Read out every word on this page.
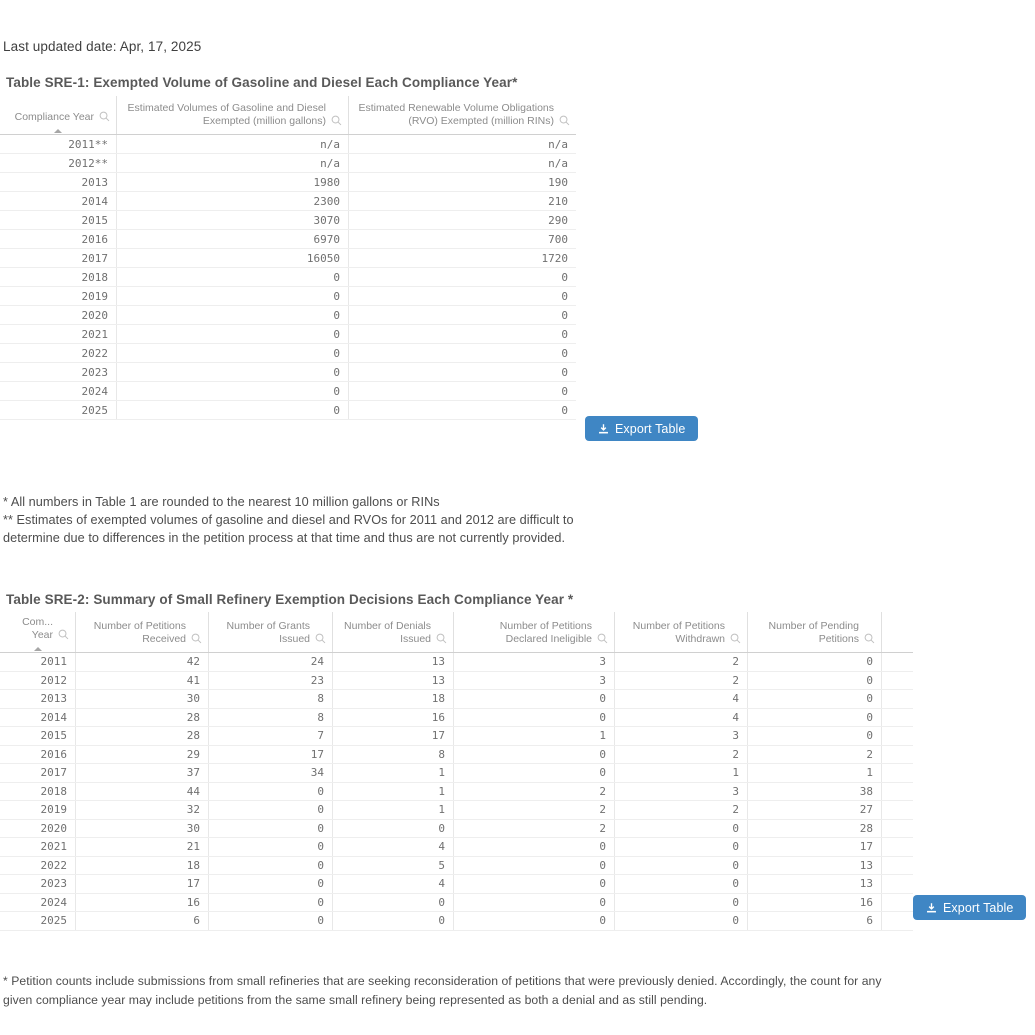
Last updated date: Apr, 17, 2025
Table SRE-1: Exempted Volume of Gasoline and Diesel Each Compliance Year*
Compliance Year	Estimated Volumes of Gasoline and Diesel Exempted (million gallons)	Estimated Renewable Volume Obligations (RVO) Exempted (million RINs)

2011**	n/a	n/a
2012**	n/a	n/a
2013	1980	190
2014	2300	210
2015	3070	290
2016	6970	700
2017	16050	1720
2018	0	0
2019	0	0
2020	0	0
2021	0	0
2022	0	0
2023	0	0
2024	0	0
2025	0	0
Export Table
* All numbers in Table 1 are rounded to the nearest 10 million gallons or RINs
** Estimates of exempted volumes of gasoline and diesel and RVOs for 2011 and 2012 are difficult to determine due to differences in the petition process at that time and thus are not currently provided.
Table SRE-2: Summary of Small Refinery Exemption Decisions Each Compliance Year *
Com...
Year	Number of Petitions Received	Number of Grants Issued	Number of Denials Issued	Number of Petitions Declared Ineligible	Number of Petitions Withdrawn	Number of Pending Petitions	

2011	42	24	13	3	2	0	
2012	41	23	13	3	2	0	
2013	30	8	18	0	4	0	
2014	28	8	16	0	4	0	
2015	28	7	17	1	3	0	
2016	29	17	8	0	2	2	
2017	37	34	1	0	1	1	
2018	44	0	1	2	3	38	
2019	32	0	1	2	2	27	
2020	30	0	0	2	0	28	
2021	21	0	4	0	0	17	
2022	18	0	5	0	0	13	
2023	17	0	4	0	0	13	
2024	16	0	0	0	0	16	
2025	6	0	0	0	0	6	
Export Table
* Petition counts include submissions from small refineries that are seeking reconsideration of petitions that were previously denied. Accordingly, the count for any given compliance year may include petitions from the same small refinery being represented as both a denial and as still pending.
